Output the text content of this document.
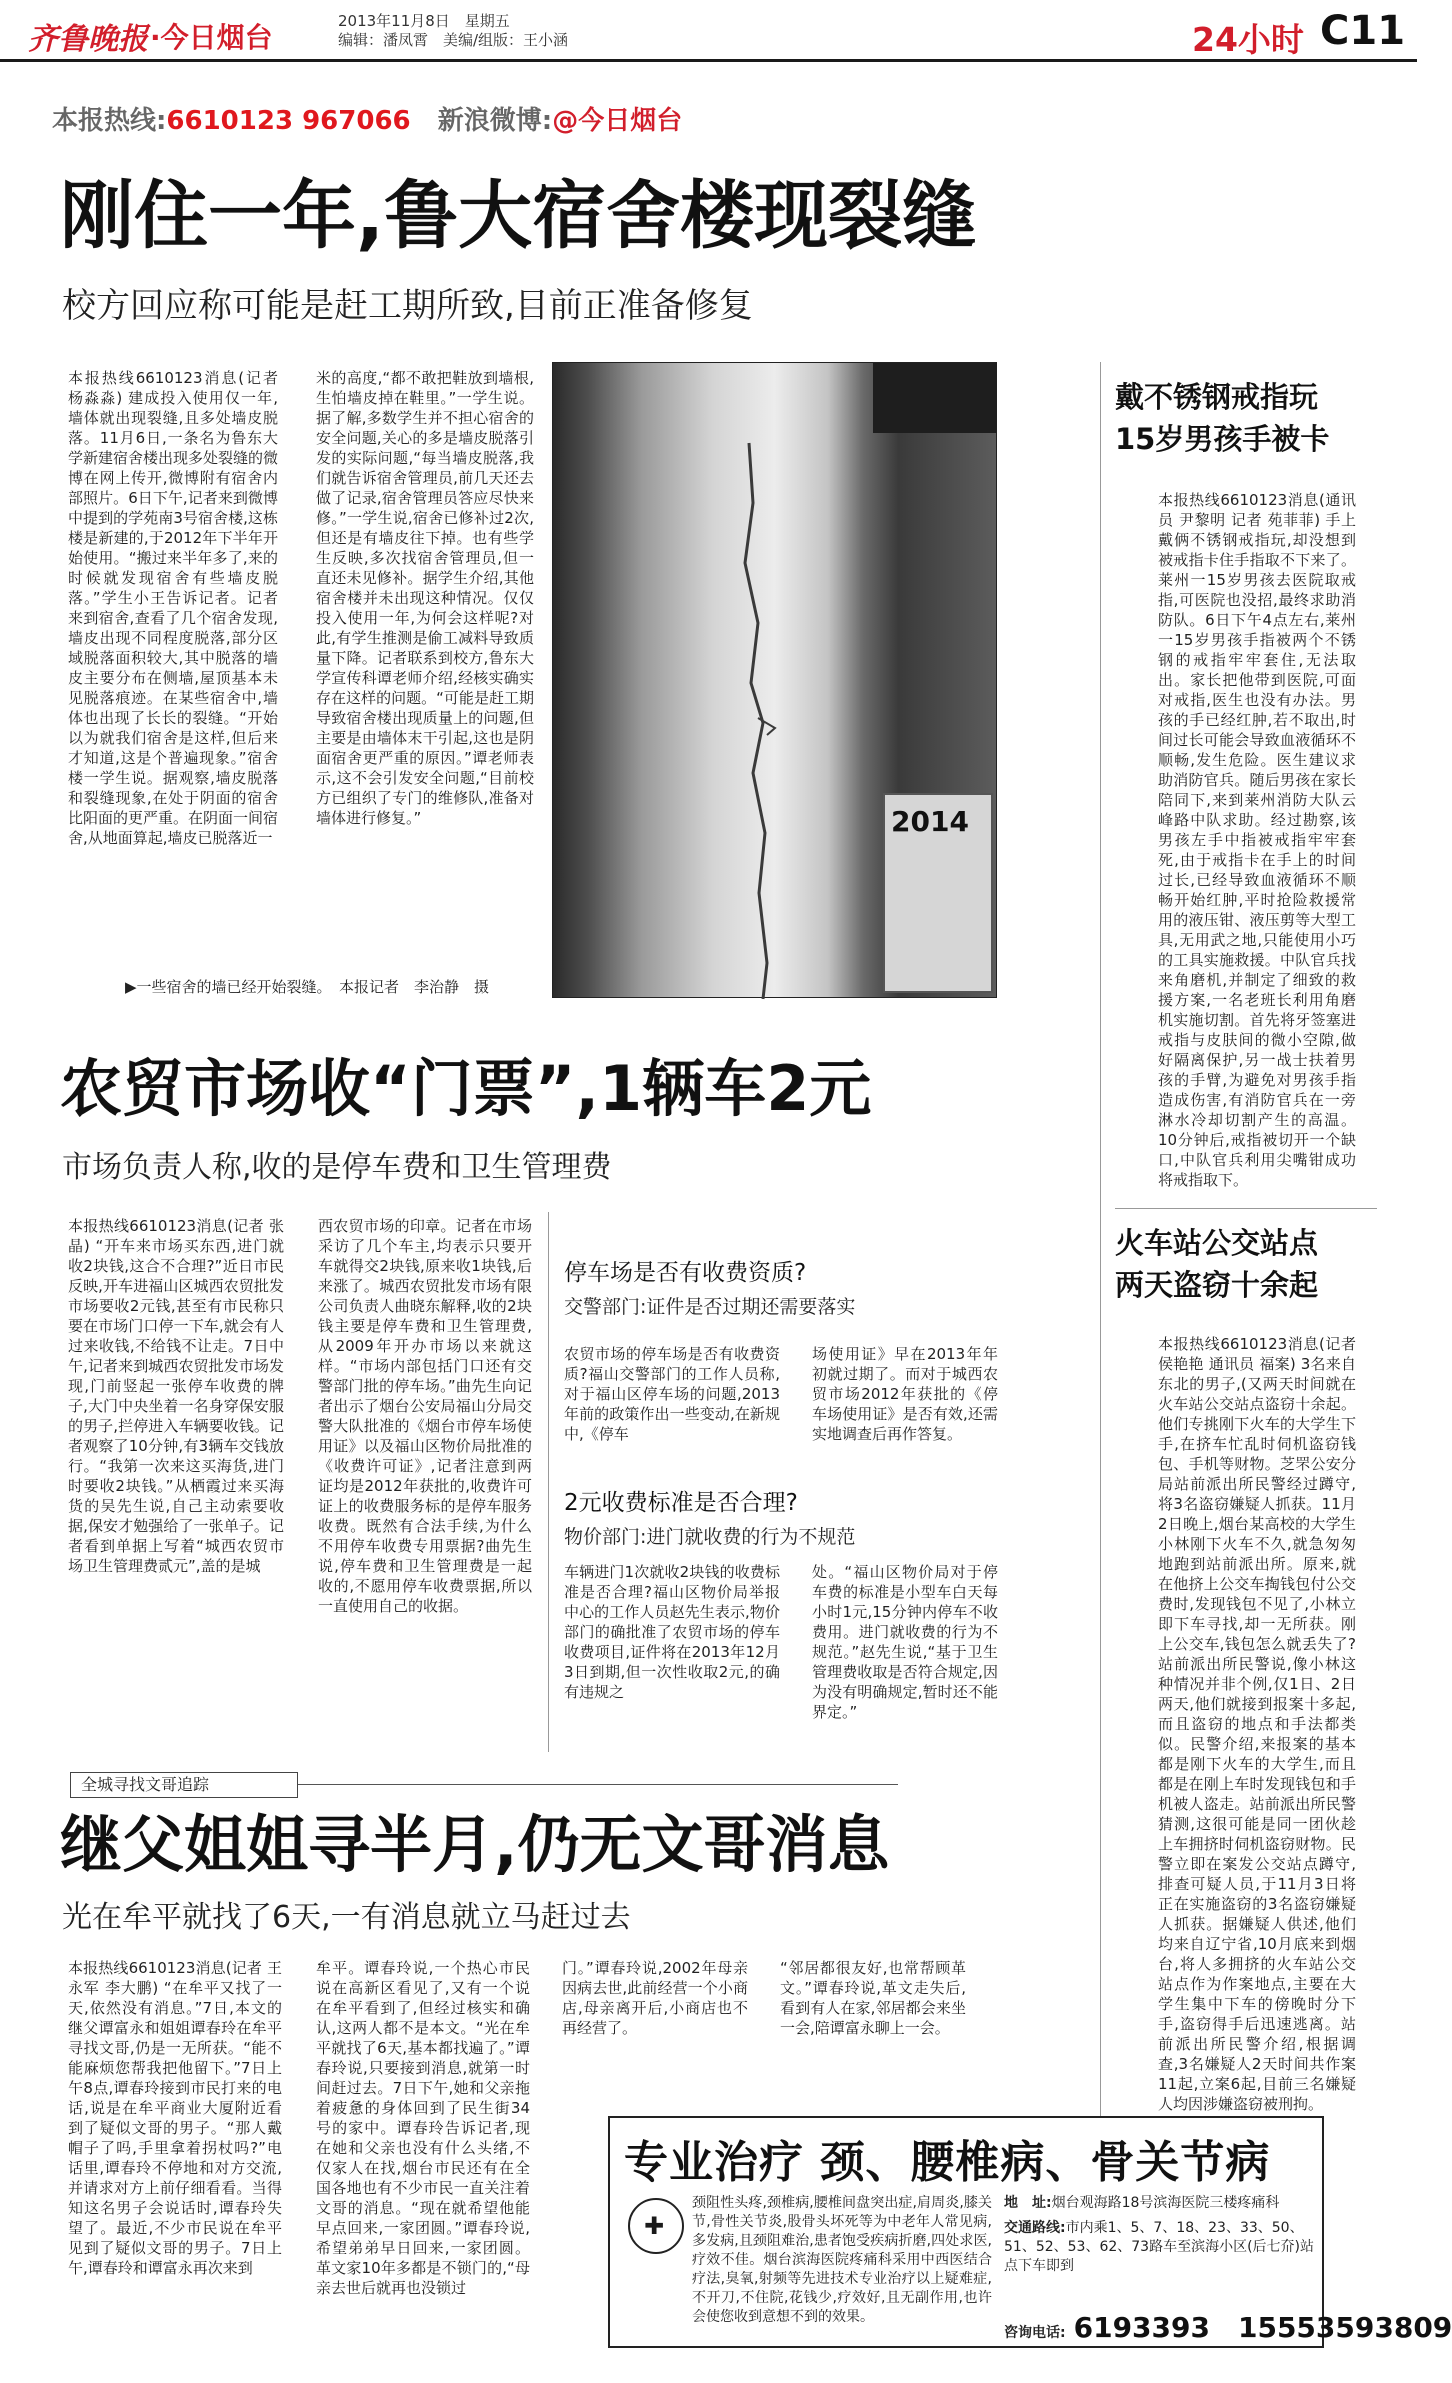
齐鲁晚报 ·今日烟台	2013年11月8日　星期五
编辑：潘凤霄　美编/组版：王小涵	24小时 C11
本报热线:6610123 967066 新浪微博:@今日烟台
刚住一年,鲁大宿舍楼现裂缝
校方回应称可能是赶工期所致,目前正准备修复
本报热线6610123消息(记者 杨淼淼) 建成投入使用仅一年,墙体就出现裂缝,且多处墙皮脱落。11月6日,一条名为鲁东大学新建宿舍楼出现多处裂缝的微博在网上传开,微博附有宿舍内部照片。6日下午,记者来到微博中提到的学苑南3号宿舍楼,这栋楼是新建的,于2012年下半年开始使用。“搬过来半年多了,来的时候就发现宿舍有些墙皮脱落。”学生小王告诉记者。记者来到宿舍,查看了几个宿舍发现,墙皮出现不同程度脱落,部分区域脱落面积较大,其中脱落的墙皮主要分布在侧墙,屋顶基本未见脱落痕迹。在某些宿舍中,墙体也出现了长长的裂缝。“开始以为就我们宿舍是这样,但后来才知道,这是个普遍现象。”宿舍楼一学生说。据观察,墙皮脱落和裂缝现象,在处于阴面的宿舍比阳面的更严重。在阴面一间宿舍,从地面算起,墙皮已脱落近一
米的高度,“都不敢把鞋放到墙根,生怕墙皮掉在鞋里。”一学生说。据了解,多数学生并不担心宿舍的安全问题,关心的多是墙皮脱落引发的实际问题,“每当墙皮脱落,我们就告诉宿舍管理员,前几天还去做了记录,宿舍管理员答应尽快来修。”一学生说,宿舍已修补过2次,但还是有墙皮往下掉。也有些学生反映,多次找宿舍管理员,但一直还未见修补。据学生介绍,其他宿舍楼并未出现这种情况。仅仅投入使用一年,为何会这样呢?对此,有学生推测是偷工减料导致质量下降。记者联系到校方,鲁东大学宣传科谭老师介绍,经核实确实存在这样的问题。“可能是赶工期导致宿舍楼出现质量上的问题,但主要是由墙体末干引起,这也是阴面宿舍更严重的原因。”谭老师表示,这不会引发安全问题,“目前校方已组织了专门的维修队,准备对墙体进行修复。”	2014
▶一些宿舍的墙已经开始裂缝。　本报记者　李治静　摄
农贸市场收“门票”,1辆车2元
市场负责人称,收的是停车费和卫生管理费
本报热线6610123消息(记者 张晶) “开车来市场买东西,进门就收2块钱,这合不合理?”近日市民反映,开车进福山区城西农贸批发市场要收2元钱,甚至有市民称只要在市场门口停一下车,就会有人过来收钱,不给钱不让走。7日中午,记者来到城西农贸批发市场发现,门前竖起一张停车收费的牌子,大门中央坐着一名身穿保安服的男子,拦停进入车辆要收钱。记者观察了10分钟,有3辆车交钱放行。“我第一次来这买海货,进门时要收2块钱。”从栖霞过来买海货的吴先生说,自己主动索要收据,保安才勉强给了一张单子。记者看到单据上写着“城西农贸市场卫生管理费贰元”,盖的是城
西农贸市场的印章。记者在市场采访了几个车主,均表示只要开车就得交2块钱,原来收1块钱,后来涨了。城西农贸批发市场有限公司负责人曲晓东解释,收的2块钱主要是停车费和卫生管理费,从2009年开办市场以来就这样。“市场内部包括门口还有交警部门批的停车场。”曲先生向记者出示了烟台公安局福山分局交警大队批准的《烟台市停车场使用证》以及福山区物价局批准的《收费许可证》,记者注意到两证均是2012年获批的,收费许可证上的收费服务标的是停车服务收费。既然有合法手续,为什么不用停车收费专用票据?曲先生说,停车费和卫生管理费是一起收的,不愿用停车收费票据,所以一直使用自己的收据。
停车场是否有收费资质?
交警部门:证件是否过期还需要落实
农贸市场的停车场是否有收费资质?福山交警部门的工作人员称,对于福山区停车场的问题,2013年前的政策作出一些变动,在新规中,《停车
场使用证》早在2013年年初就过期了。而对于城西农贸市场2012年获批的《停车场使用证》是否有效,还需实地调查后再作答复。
2元收费标准是否合理?
物价部门:进门就收费的行为不规范
车辆进门1次就收2块钱的收费标准是否合理?福山区物价局举报中心的工作人员赵先生表示,物价部门的确批准了农贸市场的停车收费项目,证件将在2013年12月3日到期,但一次性收取2元,的确有违规之
处。“福山区物价局对于停车费的标准是小型车白天每小时1元,15分钟内停车不收费用。进门就收费的行为不规范。”赵先生说,“基于卫生管理费收取是否符合规定,因为没有明确规定,暂时还不能界定。”
全城寻找文哥追踪
继父姐姐寻半月,仍无文哥消息
光在牟平就找了6天,一有消息就立马赶过去
本报热线6610123消息(记者 王永军 李大鹏) “在牟平又找了一天,依然没有消息。”7日,本文的继父谭富永和姐姐谭春玲在牟平寻找文哥,仍是一无所获。“能不能麻烦您帮我把他留下。”7日上午8点,谭春玲接到市民打来的电话,说是在牟平商业大厦附近看到了疑似文哥的男子。“那人戴帽子了吗,手里拿着拐杖吗?”电话里,谭春玲不停地和对方交流,并请求对方上前仔细看看。当得知这名男子会说话时,谭春玲失望了。最近,不少市民说在牟平见到了疑似文哥的男子。7日上午,谭春玲和谭富永再次来到
牟平。谭春玲说,一个热心市民说在高新区看见了,又有一个说在牟平看到了,但经过核实和确认,这两人都不是本文。“光在牟平就找了6天,基本都找遍了。”谭春玲说,只要接到消息,就第一时间赶过去。7日下午,她和父亲拖着疲惫的身体回到了民生街34号的家中。谭春玲告诉记者,现在她和父亲也没有什么头绪,不仅家人在找,烟台市民还有在全国各地也有不少市民一直关注着文哥的消息。“现在就希望他能早点回来,一家团圆。”谭春玲说,希望弟弟早日回来,一家团圆。革文家10年多都是不锁门的,“母亲去世后就再也没锁过
门。”谭春玲说,2002年母亲因病去世,此前经营一个小商店,母亲离开后,小商店也不再经营了。
“邻居都很友好,也常帮顾革文。”谭春玲说,革文走失后,看到有人在家,邻居都会来坐一会,陪谭富永聊上一会。
戴不锈钢戒指玩
15岁男孩手被卡
本报热线6610123消息(通讯员 尹黎明 记者 苑菲菲) 手上戴俩不锈钢戒指玩,却没想到被戒指卡住手指取不下来了。莱州一15岁男孩去医院取戒指,可医院也没招,最终求助消防队。6日下午4点左右,莱州一15岁男孩手指被两个不锈钢的戒指牢牢套住,无法取出。家长把他带到医院,可面对戒指,医生也没有办法。男孩的手已经红肿,若不取出,时间过长可能会导致血液循环不顺畅,发生危险。医生建议求助消防官兵。随后男孩在家长陪同下,来到莱州消防大队云峰路中队求助。经过勘察,该男孩左手中指被戒指牢牢套死,由于戒指卡在手上的时间过长,已经导致血液循环不顺畅开始红肿,平时抢险救援常用的液压钳、液压剪等大型工具,无用武之地,只能使用小巧的工具实施救援。中队官兵找来角磨机,并制定了细致的救援方案,一名老班长利用角磨机实施切割。首先将牙签塞进戒指与皮肤间的微小空隙,做好隔离保护,另一战士扶着男孩的手臂,为避免对男孩手指造成伤害,有消防官兵在一旁淋水冷却切割产生的高温。10分钟后,戒指被切开一个缺口,中队官兵利用尖嘴钳成功将戒指取下。
火车站公交站点
两天盗窃十余起
本报热线6610123消息(记者 侯艳艳 通讯员 福案) 3名来自东北的男子,(又两天时间就在火车站公交站点盗窃十余起。他们专挑刚下火车的大学生下手,在挤车忙乱时伺机盗窃钱包、手机等财物。芝罘公安分局站前派出所民警经过蹲守,将3名盗窃嫌疑人抓获。11月2日晚上,烟台某高校的大学生小林刚下火车不久,就急匆匆地跑到站前派出所。原来,就在他挤上公交车掏钱包付公交费时,发现钱包不见了,小林立即下车寻找,却一无所获。刚上公交车,钱包怎么就丢失了?站前派出所民警说,像小林这种情况并非个例,仅1日、2日两天,他们就接到报案十多起,而且盗窃的地点和手法都类似。民警介绍,来报案的基本都是刚下火车的大学生,而且都是在刚上车时发现钱包和手机被人盗走。站前派出所民警猜测,这很可能是同一团伙趁上车拥挤时伺机盗窃财物。民警立即在案发公交站点蹲守,排查可疑人员,于11月3日将正在实施盗窃的3名盗窃嫌疑人抓获。据嫌疑人供述,他们均来自辽宁省,10月底来到烟台,将人多拥挤的火车站公交站点作为作案地点,主要在大学生集中下车的傍晚时分下手,盗窃得手后迅速逃离。站前派出所民警介绍,根据调查,3名嫌疑人2天时间共作案11起,立案6起,目前三名嫌疑人均因涉嫌盗窃被刑拘。
专业治疗 颈、腰椎病、骨关节病
✚
颈阻性头疼,颈椎病,腰椎间盘突出症,肩周炎,膝关节,骨性关节炎,股骨头坏死等为中老年人常见病,多发病,且颈阻难治,患者饱受疾病折磨,四处求医,疗效不佳。烟台滨海医院疼痛科采用中西医结合疗法,臭氧,射频等先进技术专业治疗以上疑难症,不开刀,不住院,花钱少,疗效好,且无副作用,也许会使您收到意想不到的效果。
地　址:烟台观海路18号滨海医院三楼疼痛科
交通路线:市内乘1、5、7、18、23、33、50、51、52、53、62、73路车至滨海小区(后七夼)站点下车即到
咨询电话: 6193393　15553593809
